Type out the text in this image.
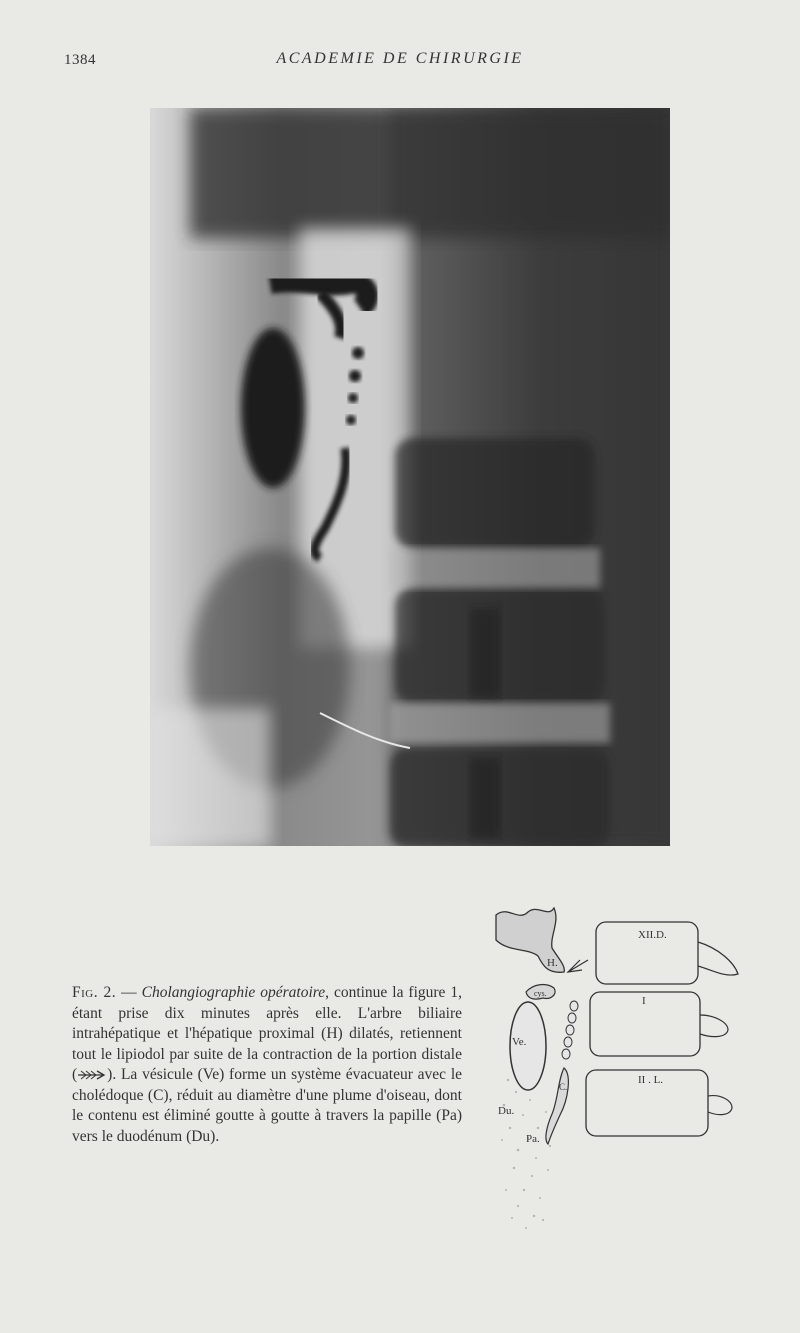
1384	ACADEMIE DE CHIRURGIE
Fig. 2. — Cholangiographie opératoire, continue la figure 1, étant prise dix minutes après elle. L'arbre biliaire intrahépatique et l'hépatique proximal (H) dilatés, retiennent tout le lipiodol par suite de la contraction de la portion distale ( ). La vésicule (Ve) forme un système évacuateur avec le cholédoque (C), réduit au diamètre d'une plume d'oiseau, dont le contenu est éliminé goutte à goutte à travers la papille (Pa) vers le duodénum (Du).
XII.D.
I
II . L.
H.
cys.
Ve.
C.
Du.
Pa.
